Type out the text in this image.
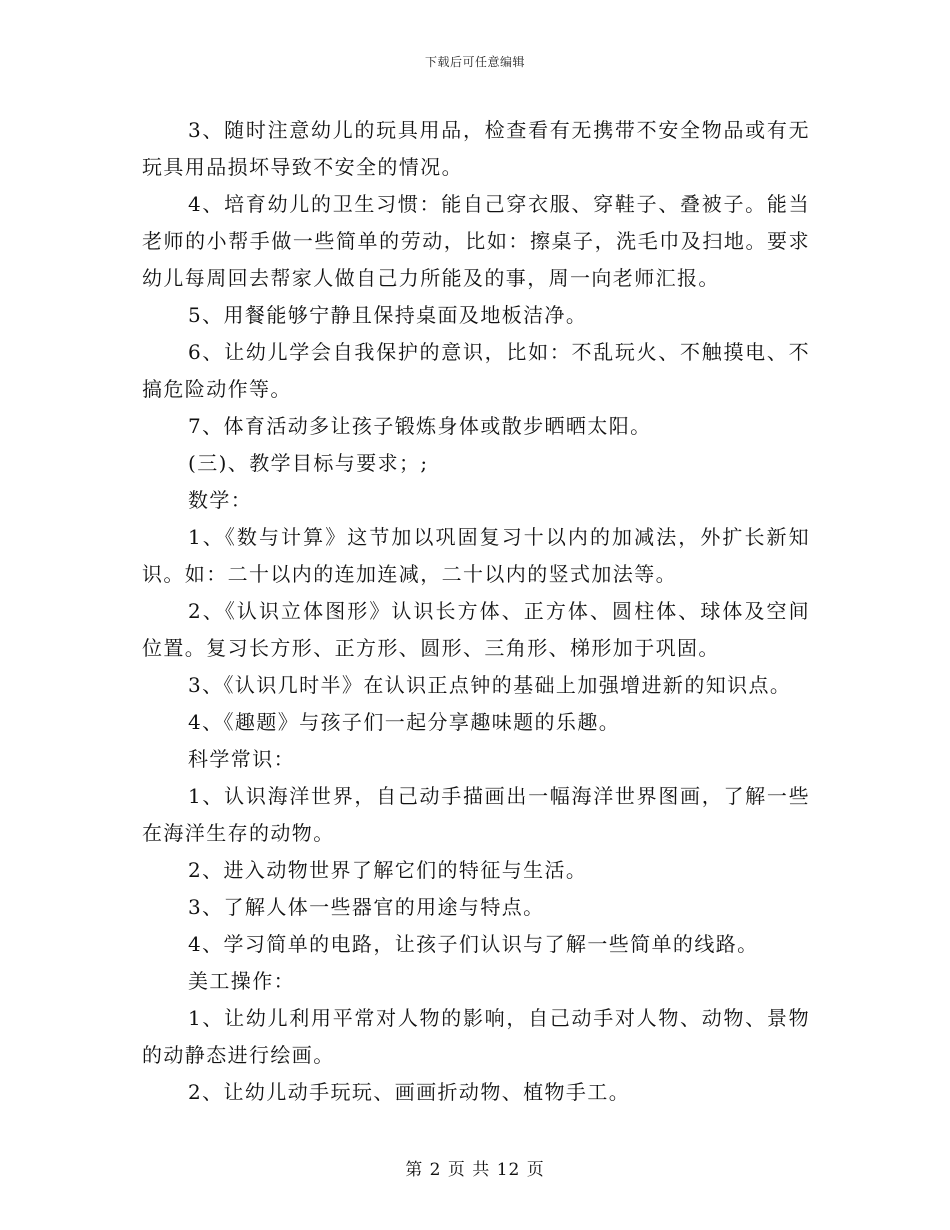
下载后可任意编辑

3、随时注意幼儿的玩具用品，检查看有无携带不安全物品或有无玩具用品损坏导致不安全的情况。

4、培育幼儿的卫生习惯：能自己穿衣服、穿鞋子、叠被子。能当老师的小帮手做一些简单的劳动，比如：擦桌子，洗毛巾及扫地。要求幼儿每周回去帮家人做自己力所能及的事，周一向老师汇报。

5、用餐能够宁静且保持桌面及地板洁净。

6、让幼儿学会自我保护的意识，比如：不乱玩火、不触摸电、不搞危险动作等。

7、体育活动多让孩子锻炼身体或散步晒晒太阳。

(三)、教学目标与要求；;

数学：

1、《数与计算》这节加以巩固复习十以内的加减法，外扩长新知识。如：二十以内的连加连减，二十以内的竖式加法等。

2、《认识立体图形》认识长方体、正方体、圆柱体、球体及空间位置。复习长方形、正方形、圆形、三角形、梯形加于巩固。

3、《认识几时半》在认识正点钟的基础上加强增进新的知识点。

4、《趣题》与孩子们一起分享趣味题的乐趣。

科学常识：

1、认识海洋世界，自己动手描画出一幅海洋世界图画，了解一些在海洋生存的动物。

2、进入动物世界了解它们的特征与生活。

3、了解人体一些器官的用途与特点。

4、学习简单的电路，让孩子们认识与了解一些简单的线路。

美工操作：

1、让幼儿利用平常对人物的影响，自己动手对人物、动物、景物的动静态进行绘画。

2、让幼儿动手玩玩、画画折动物、植物手工。

第 2 页 共 12 页
